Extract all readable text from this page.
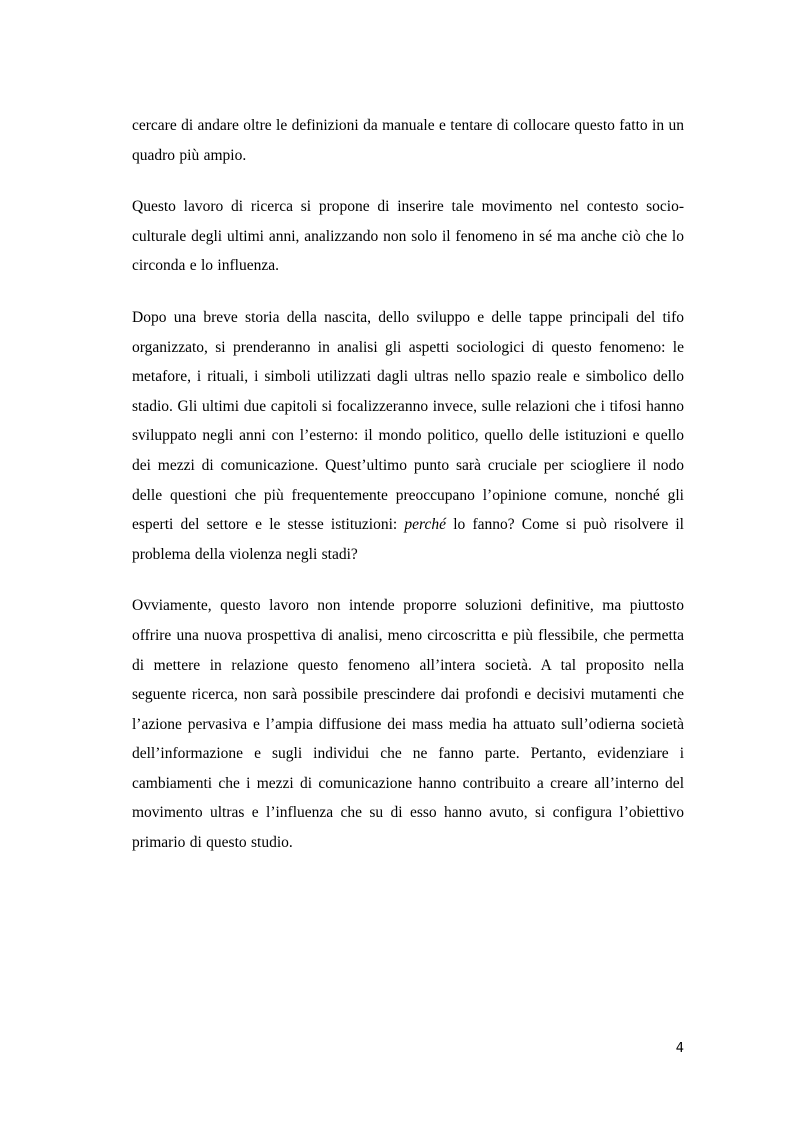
cercare di andare oltre le definizioni da manuale e tentare di collocare questo fatto in un quadro più ampio.

Questo lavoro di ricerca si propone di inserire tale movimento nel contesto socio-culturale degli ultimi anni, analizzando non solo il fenomeno in sé ma anche ciò che lo circonda e lo influenza.

Dopo una breve storia della nascita, dello sviluppo e delle tappe principali del tifo organizzato, si prenderanno in analisi gli aspetti sociologici di questo fenomeno: le metafore, i rituali, i simboli utilizzati dagli ultras nello spazio reale e simbolico dello stadio. Gli ultimi due capitoli si focalizzeranno invece, sulle relazioni che i tifosi hanno sviluppato negli anni con l’esterno: il mondo politico, quello delle istituzioni e quello dei mezzi di comunicazione. Quest’ultimo punto sarà cruciale per sciogliere il nodo delle questioni che più frequentemente preoccupano l’opinione comune, nonché gli esperti del settore e le stesse istituzioni: perché lo fanno? Come si può risolvere il problema della violenza negli stadi?

Ovviamente, questo lavoro non intende proporre soluzioni definitive, ma piuttosto offrire una nuova prospettiva di analisi, meno circoscritta e più flessibile, che permetta di mettere in relazione questo fenomeno all’intera società. A tal proposito nella seguente ricerca, non sarà possibile prescindere dai profondi e decisivi mutamenti che l’azione pervasiva e l’ampia diffusione dei mass media ha attuato sull’odierna società dell’informazione e sugli individui che ne fanno parte. Pertanto, evidenziare i cambiamenti che i mezzi di comunicazione hanno contribuito a creare all’interno del movimento ultras e l’influenza che su di esso hanno avuto, si configura l’obiettivo primario di questo studio.

4
